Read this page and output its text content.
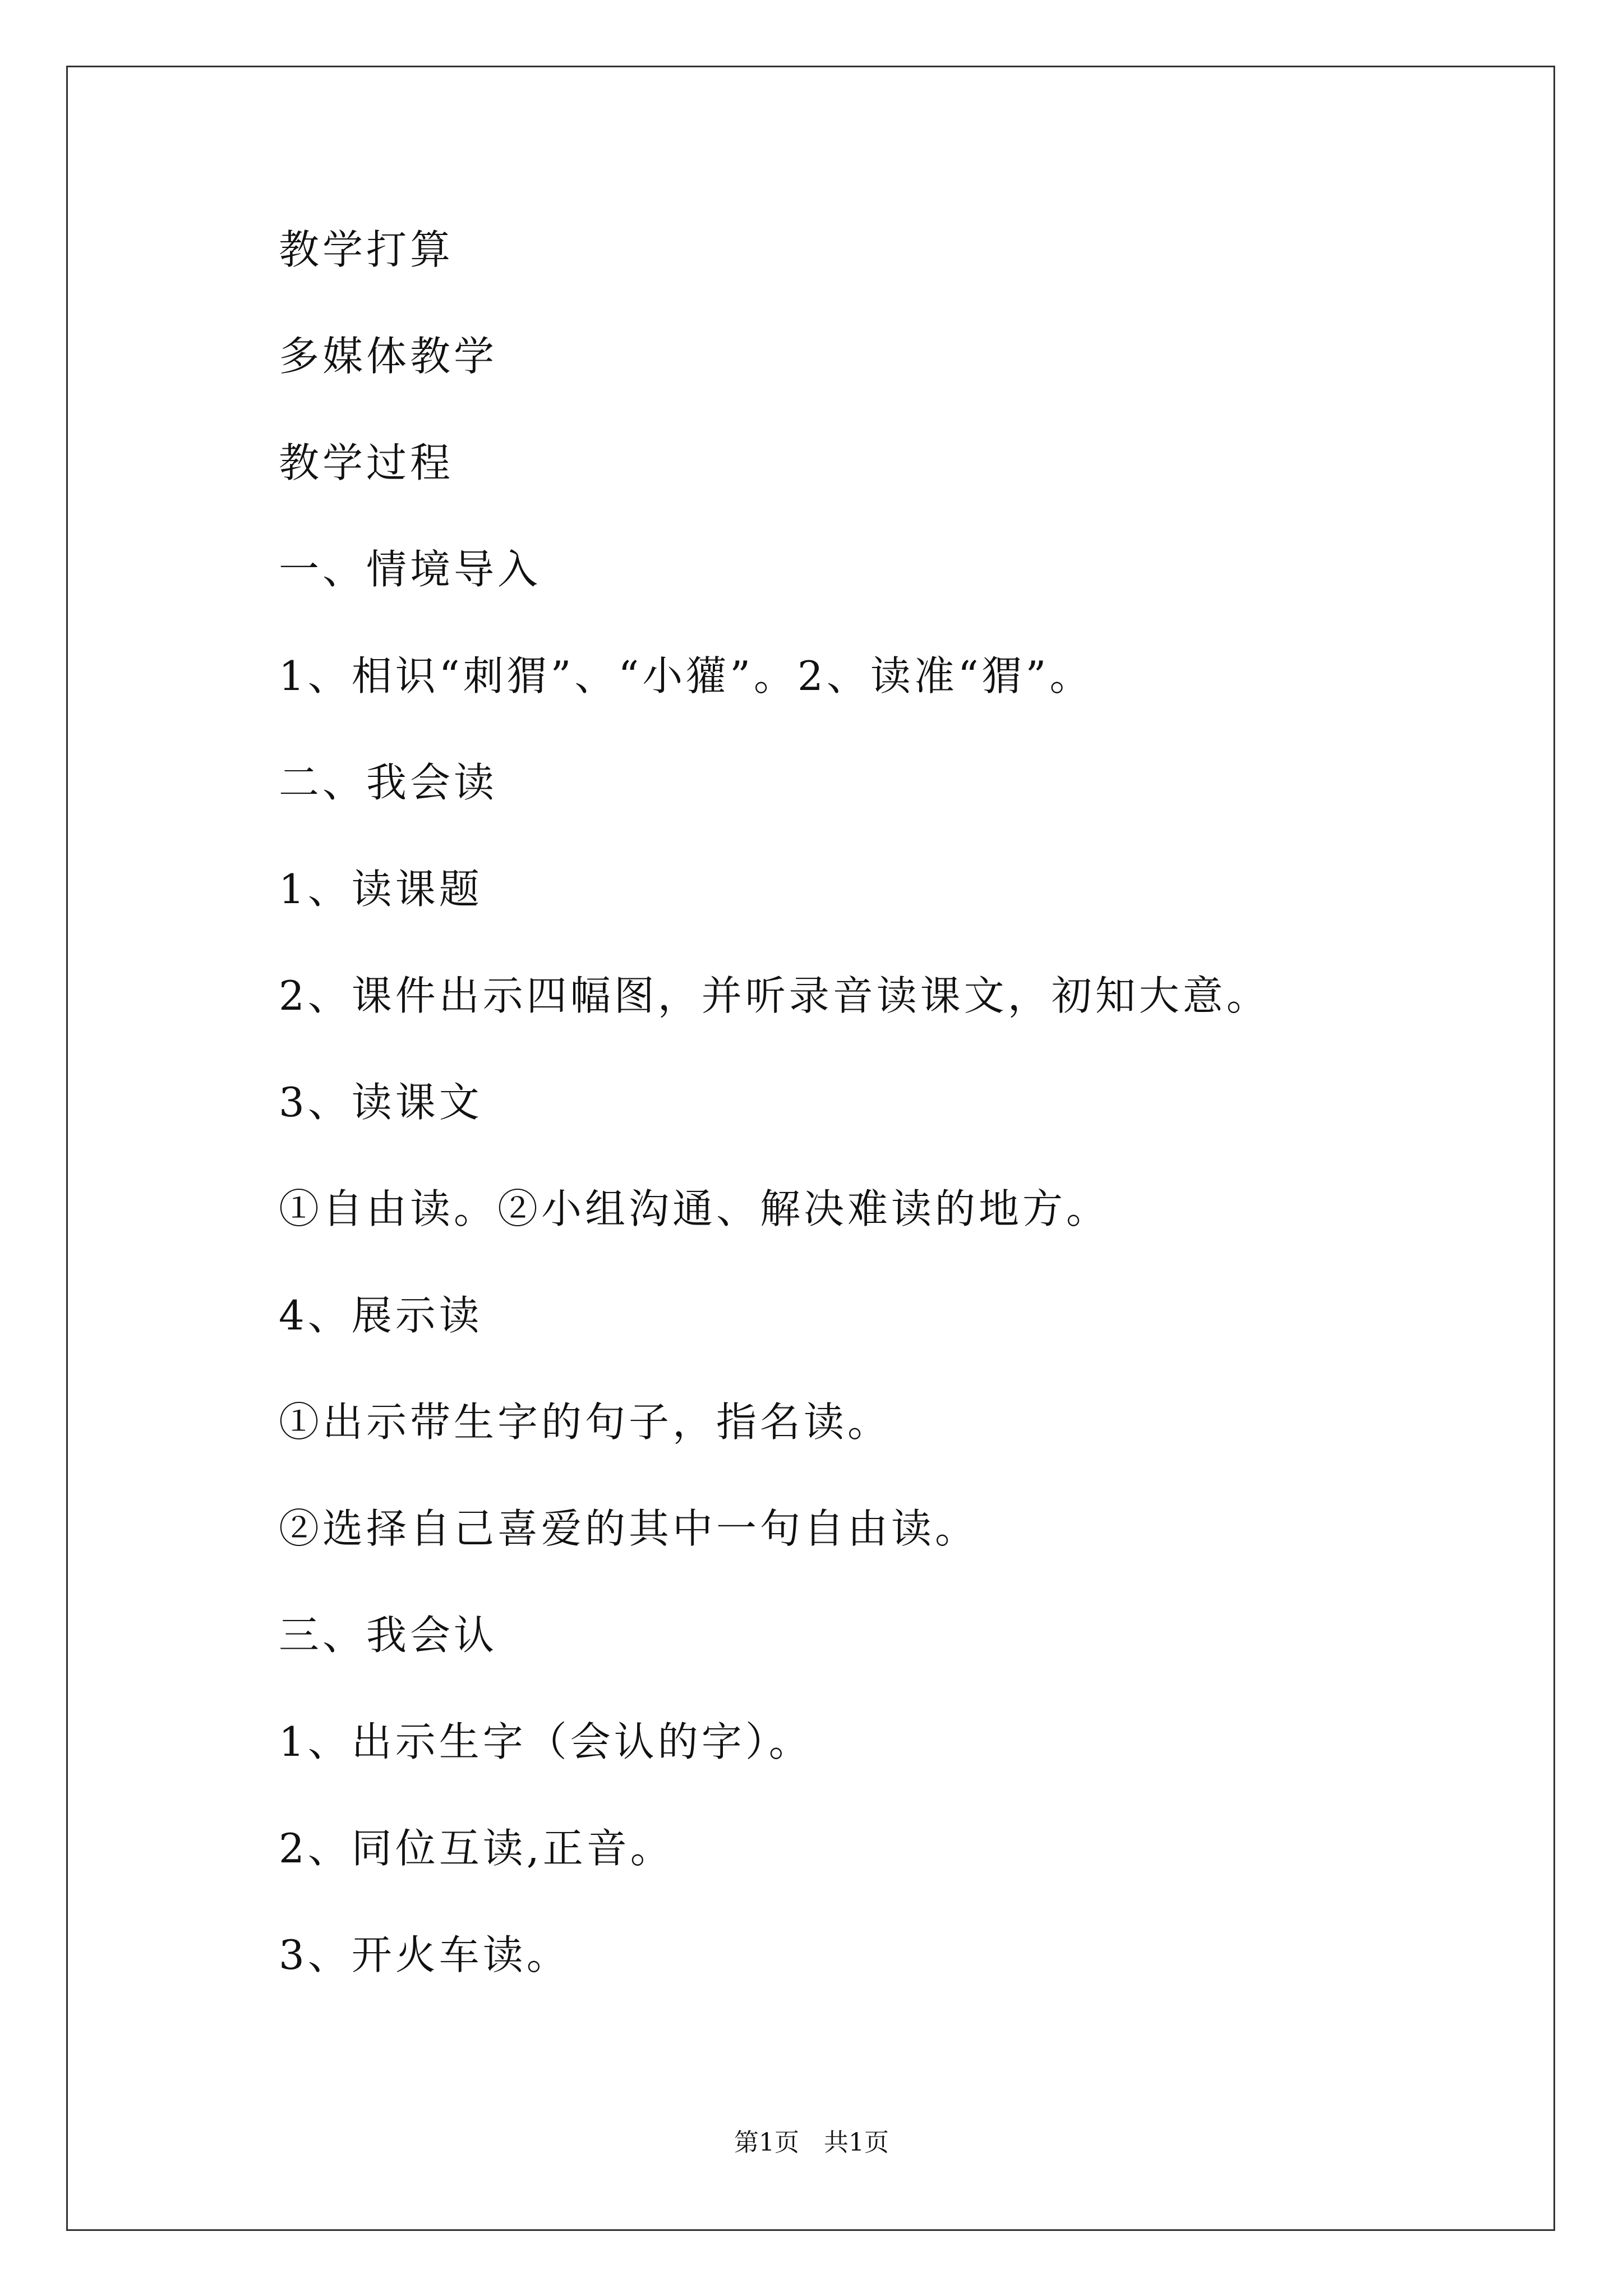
教学打算
多媒体教学
教学过程
一、情境导入
1、相识“刺猬”、“小獾”。2、读准“猬”。
二、我会读
1、读课题
2、课件出示四幅图，并听录音读课文，初知大意。
3、读课文
①自由读。②小组沟通、解决难读的地方。
4、展示读
①出示带生字的句子，指名读。
②选择自己喜爱的其中一句自由读。
三、我会认
1、出示生字（会认的字）。
2、同位互读,正音。
3、开火车读。
第1页　共1页
